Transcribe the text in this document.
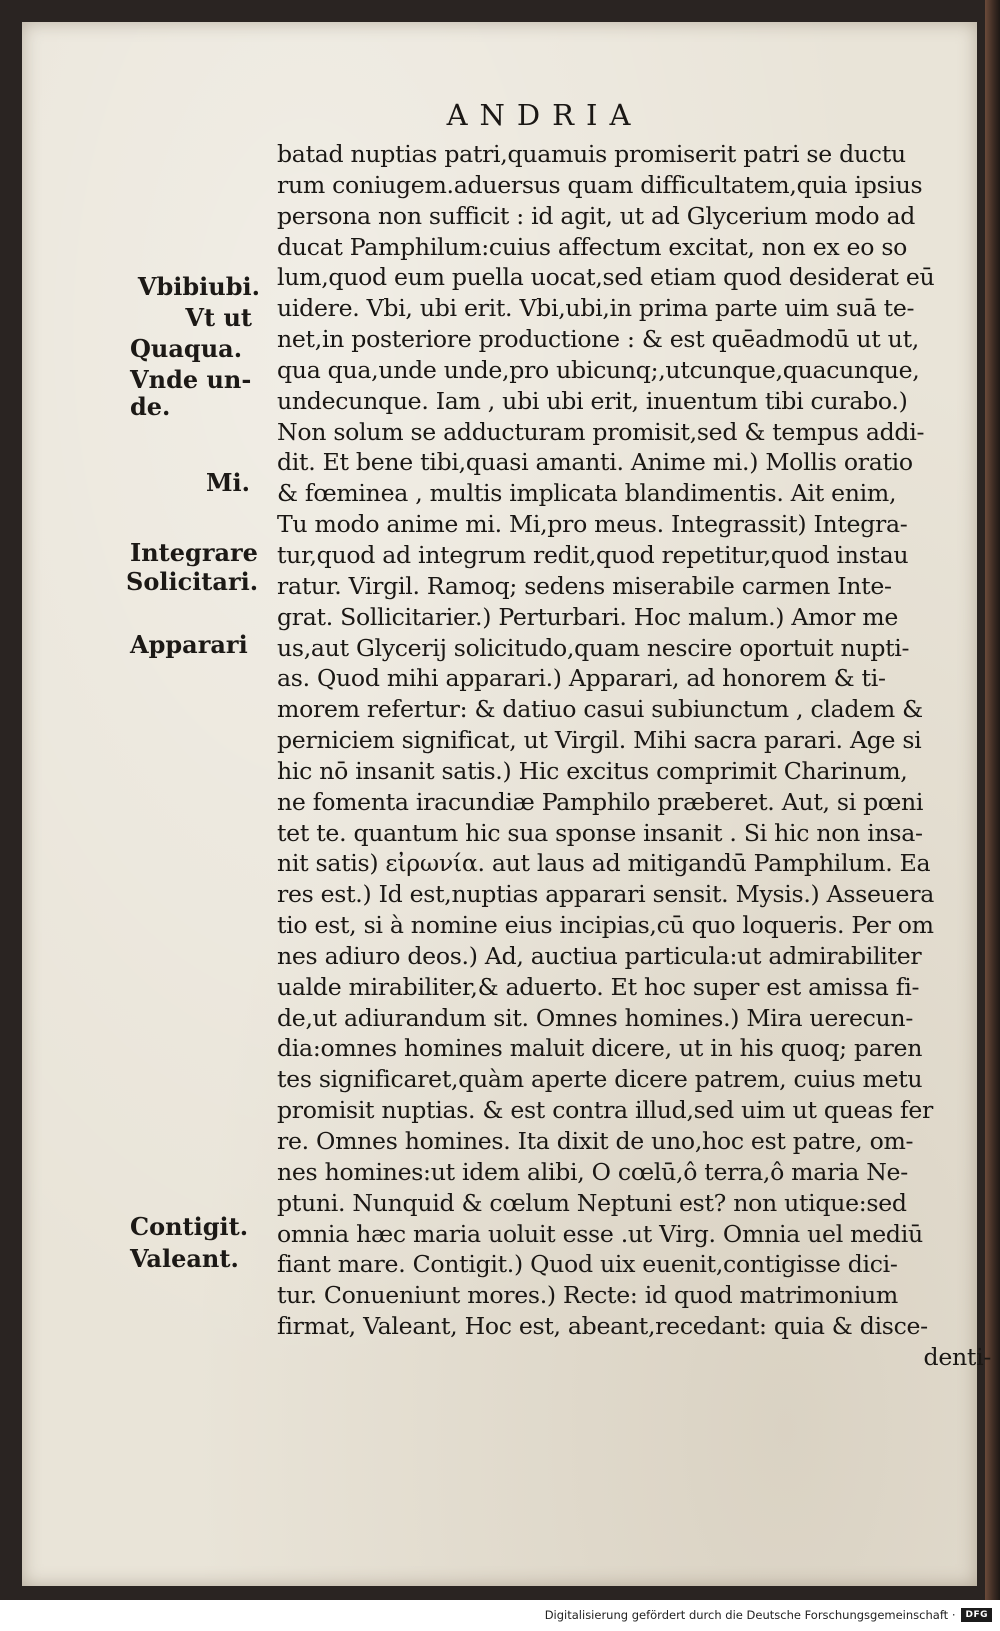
ANDRIA
Vbibiubi.
Vt ut
Quaqua.
Vnde un-
de.
Mi.
Integrare
Solicitari.
Apparari
Contigit.
Valeant.
batad nuptias patri,quamuis promiserit patri se ductu
rum coniugem.aduersus quam difficultatem,quia ipsius
persona non sufficit : id agit, ut ad Glycerium modo ad
ducat Pamphilum:cuius affectum excitat, non ex eo so
lum,quod eum puella uocat,sed etiam quod desiderat eū
uidere. Vbi, ubi erit. Vbi,ubi,in prima parte uim suā te-
net,in posteriore productione : & est quēadmodū ut ut,
qua qua,unde unde,pro ubicunq;,utcunque,quacunque,
undecunque. Iam , ubi ubi erit, inuentum tibi curabo.)
Non solum se adducturam promisit,sed & tempus addi-
dit. Et bene tibi,quasi amanti. Anime mi.) Mollis oratio
& fœminea , multis implicata blandimentis. Ait enim,
Tu modo anime mi. Mi,pro meus. Integrassit) Integra-
tur,quod ad integrum redit,quod repetitur,quod instau
ratur. Virgil. Ramoq; sedens miserabile carmen Inte-
grat. Sollicitarier.) Perturbari. Hoc malum.) Amor me
us,aut Glycerij solicitudo,quam nescire oportuit nupti-
as. Quod mihi apparari.) Apparari, ad honorem & ti-
morem refertur: & datiuo casui subiunctum , cladem &
perniciem significat, ut Virgil. Mihi sacra parari. Age si
hic nō insanit satis.) Hic excitus comprimit Charinum,
ne fomenta iracundiæ Pamphilo præberet. Aut, si pœni
tet te. quantum hic sua sponse insanit . Si hic non insa-
nit satis) εἰρωνία. aut laus ad mitigandū Pamphilum. Ea
res est.) Id est,nuptias apparari sensit. Mysis.) Asseuera
tio est, si à nomine eius incipias,cū quo loqueris. Per om
nes adiuro deos.) Ad, auctiua particula:ut admirabiliter
ualde mirabiliter,& aduerto. Et hoc super est amissa fi-
de,ut adiurandum sit. Omnes homines.) Mira uerecun-
dia:omnes homines maluit dicere, ut in his quoq; paren
tes significaret,quàm aperte dicere patrem, cuius metu
promisit nuptias. & est contra illud,sed uim ut queas fer
re. Omnes homines. Ita dixit de uno,hoc est patre, om-
nes homines:ut idem alibi, O cœlū,ô terra,ô maria Ne-
ptuni. Nunquid & cœlum Neptuni est? non utique:sed
omnia hæc maria uoluit esse .ut Virg. Omnia uel mediū
fiant mare. Contigit.) Quod uix euenit,contigisse dici-
tur. Conueniunt mores.) Recte: id quod matrimonium
firmat, Valeant, Hoc est, abeant,recedant: quia & disce-
denti-
Digitalisierung gefördert durch die Deutsche Forschungsgemeinschaft ·	DFG
